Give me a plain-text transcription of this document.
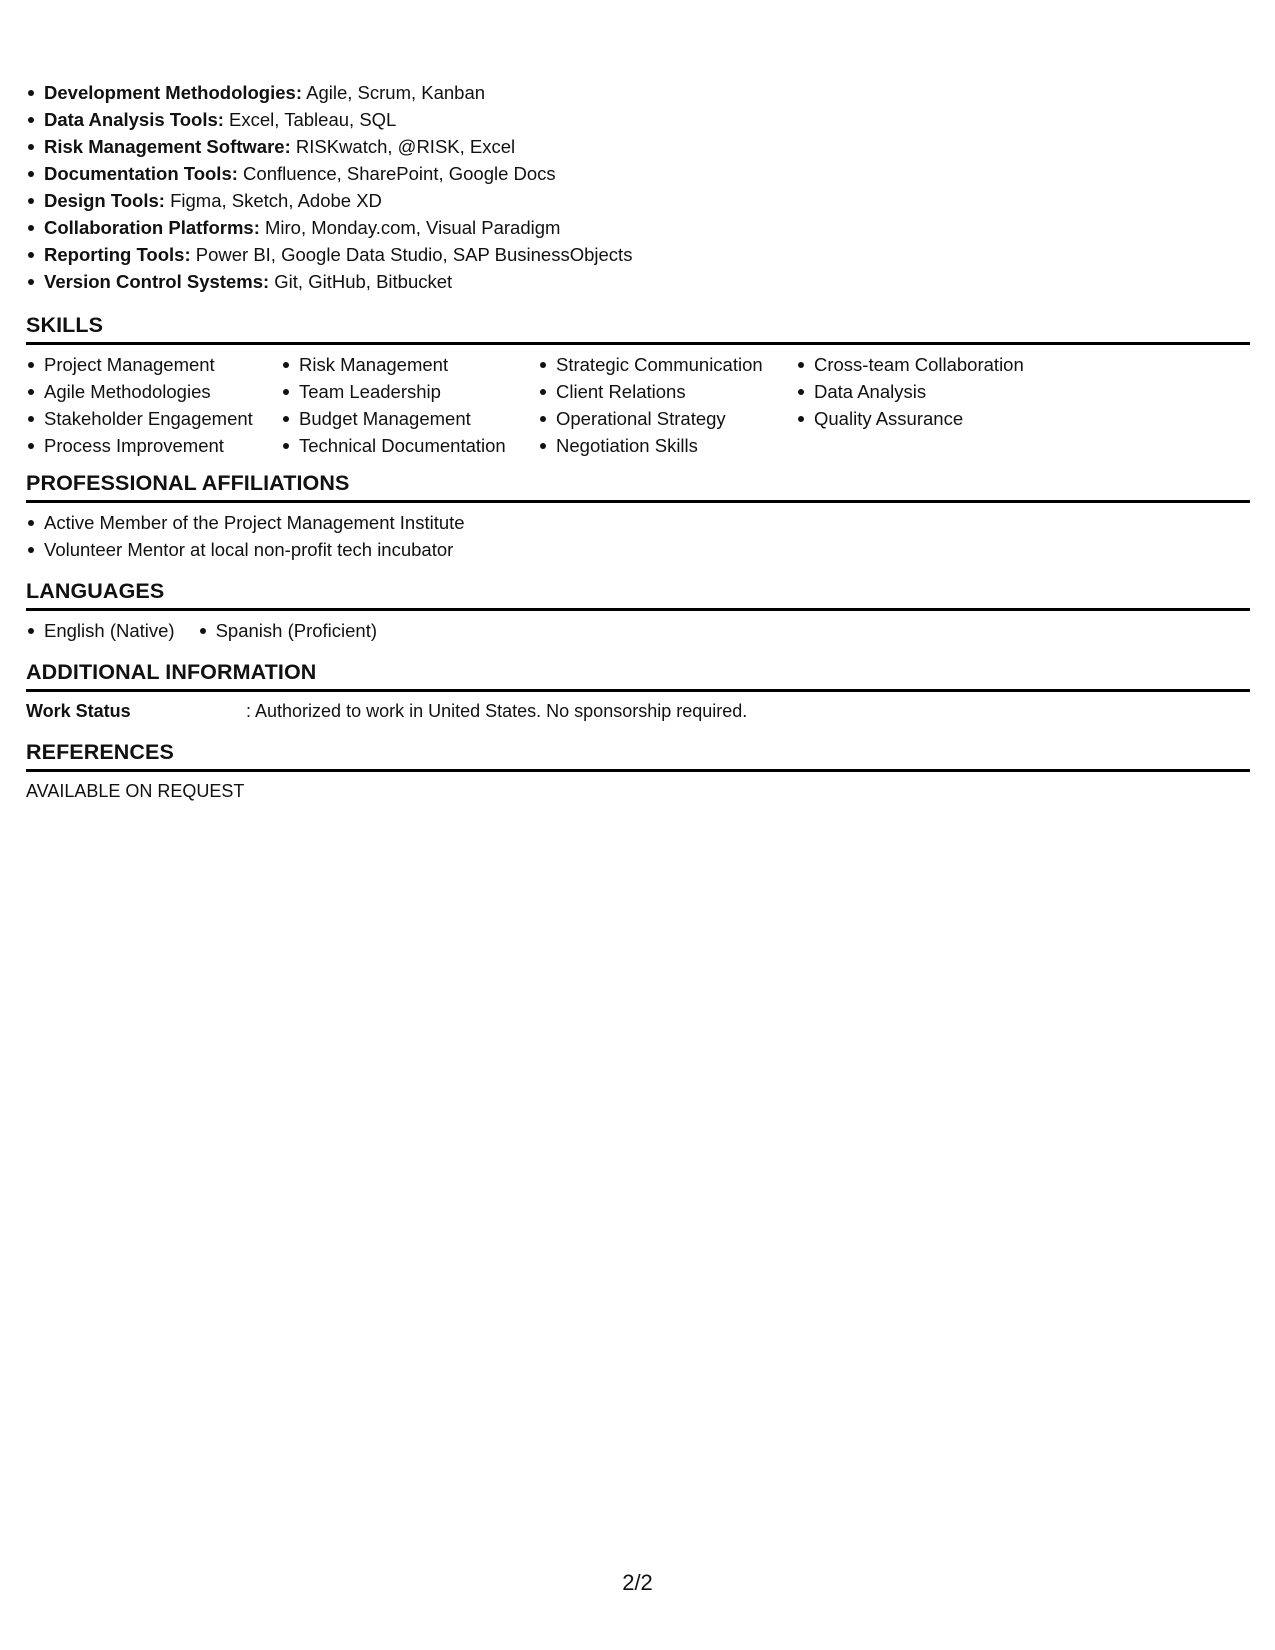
Development Methodologies: Agile, Scrum, Kanban
Data Analysis Tools: Excel, Tableau, SQL
Risk Management Software: RISKwatch, @RISK, Excel
Documentation Tools: Confluence, SharePoint, Google Docs
Design Tools: Figma, Sketch, Adobe XD
Collaboration Platforms: Miro, Monday.com, Visual Paradigm
Reporting Tools: Power BI, Google Data Studio, SAP BusinessObjects
Version Control Systems: Git, GitHub, Bitbucket
SKILLS
Project Management
Agile Methodologies
Stakeholder Engagement
Process Improvement
Risk Management
Team Leadership
Budget Management
Technical Documentation
Strategic Communication
Client Relations
Operational Strategy
Negotiation Skills
Cross-team Collaboration
Data Analysis
Quality Assurance
PROFESSIONAL AFFILIATIONS
Active Member of the Project Management Institute
Volunteer Mentor at local non-profit tech incubator
LANGUAGES
English (Native)	Spanish (Proficient)
ADDITIONAL INFORMATION
Work Status	: Authorized to work in United States. No sponsorship required.
REFERENCES
AVAILABLE ON REQUEST
2/2
